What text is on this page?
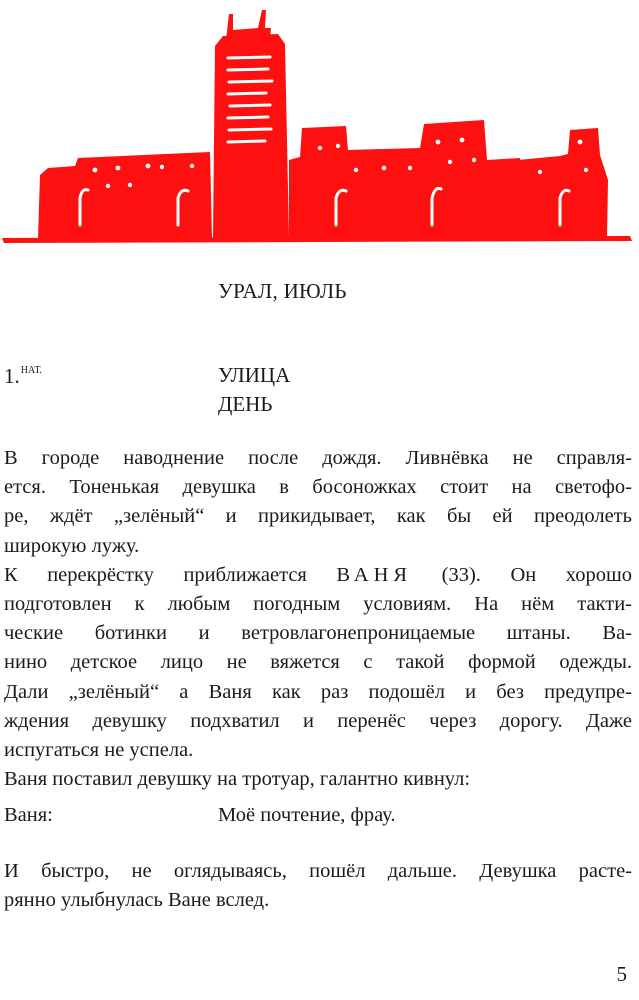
УРАЛ, ИЮЛЬ
1.$^{НАТ.}$	УЛИЦА
ДЕНЬ
В городе наводнение после дождя. Ливнёвка не справля-
ется. Тоненькая девушка в босоножках стоит на светофо-
ре, ждёт „зелёный“ и прикидывает, как бы ей преодолеть
широкую лужу.
К перекрёстку приближается ВАНЯ (33). Он хорошо
подготовлен к любым погодным условиям. На нём такти-
ческие ботинки и ветровлагонепроницаемые штаны. Ва-
нино детское лицо не вяжется с такой формой одежды.
Дали „зелёный“ а Ваня как раз подошёл и без предупре-
ждения девушку подхватил и перенёс через дорогу. Даже
испугаться не успела.
Ваня поставил девушку на тротуар, галантно кивнул:
Ваня:	Моё почтение, фрау.
И быстро, не оглядываясь, пошёл дальше. Девушка расте-
рянно улыбнулась Ване вслед.
5
